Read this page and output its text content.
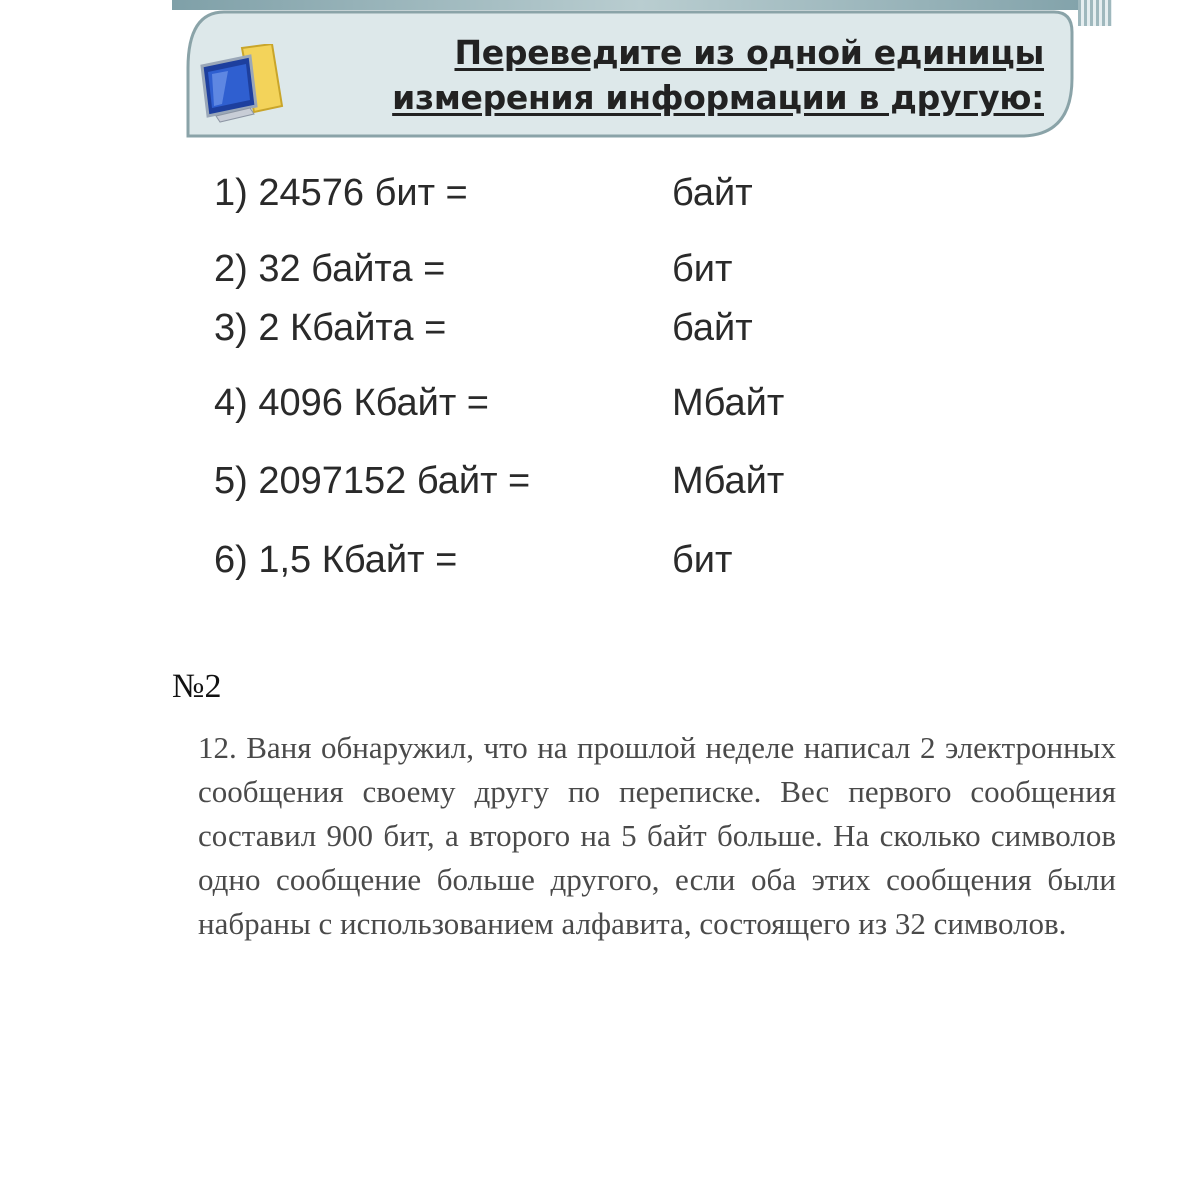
Переведите из одной единицы измерения информации в другую:
1) 24576 бит =	байт
2) 32 байта =	бит
3) 2 Кбайта =	байт
4) 4096 Кбайт =	Мбайт
5) 2097152 байт =	Мбайт
6) 1,5 Кбайт =	бит
№2
12. Ваня обнаружил, что на прошлой неделе написал 2 электронных сообщения своему другу по переписке. Вес первого сообщения составил 900 бит, а второго на 5 байт больше. На сколько символов одно сообщение больше другого, если оба этих сообщения были набраны с использованием алфавита, состоящего из 32 символов.
